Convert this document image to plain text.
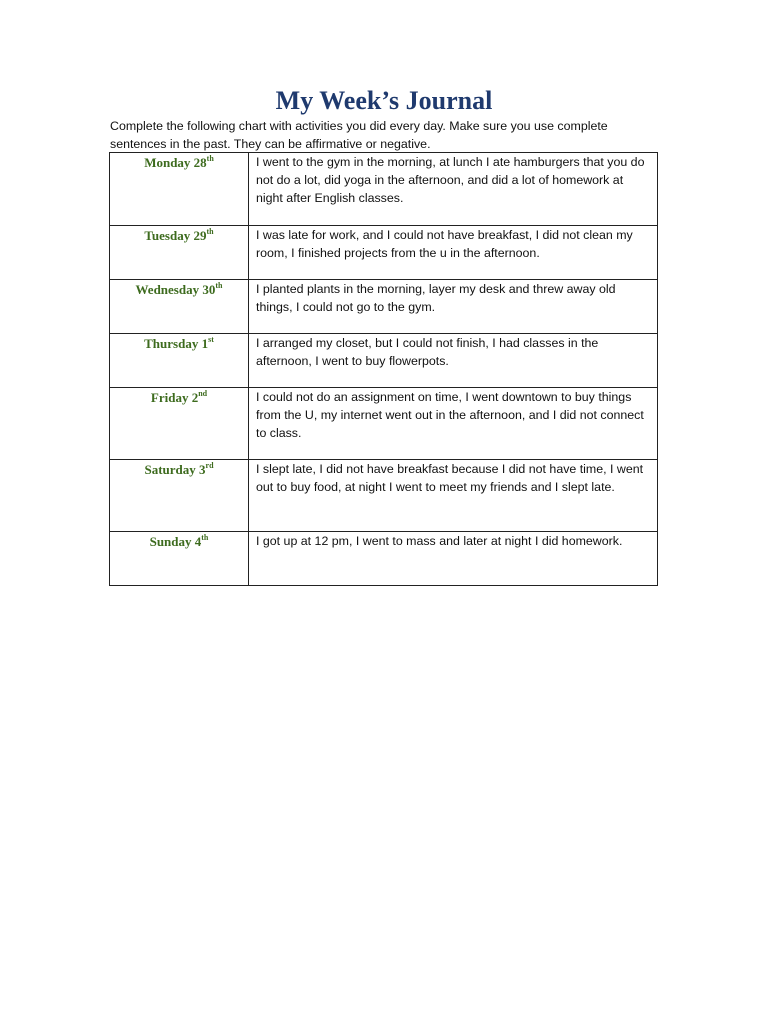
My Week’s Journal
Complete the following chart with activities you did every day. Make sure you use complete sentences in the past. They can be affirmative or negative.
Monday 28th	I went to the gym in the morning, at lunch I ate hamburgers that you do not do a lot, did yoga in the afternoon, and did a lot of homework at night after English classes.

Tuesday 29th	I was late for work, and I could not have breakfast, I did not clean my room, I finished projects from the u in the afternoon.

Wednesday 30th	I planted plants in the morning, layer my desk and threw away old things, I could not go to the gym.

Thursday 1st	I arranged my closet, but I could not finish, I had classes in the afternoon, I went to buy flowerpots.

Friday 2nd	I could not do an assignment on time, I went downtown to buy things from the U, my internet went out in the afternoon, and I did not connect to class.

Saturday 3rd	I slept late, I did not have breakfast because I did not have time, I went out to buy food, at night I went to meet my friends and I slept late.

Sunday 4th	I got up at 12 pm, I went to mass and later at night I did homework.
